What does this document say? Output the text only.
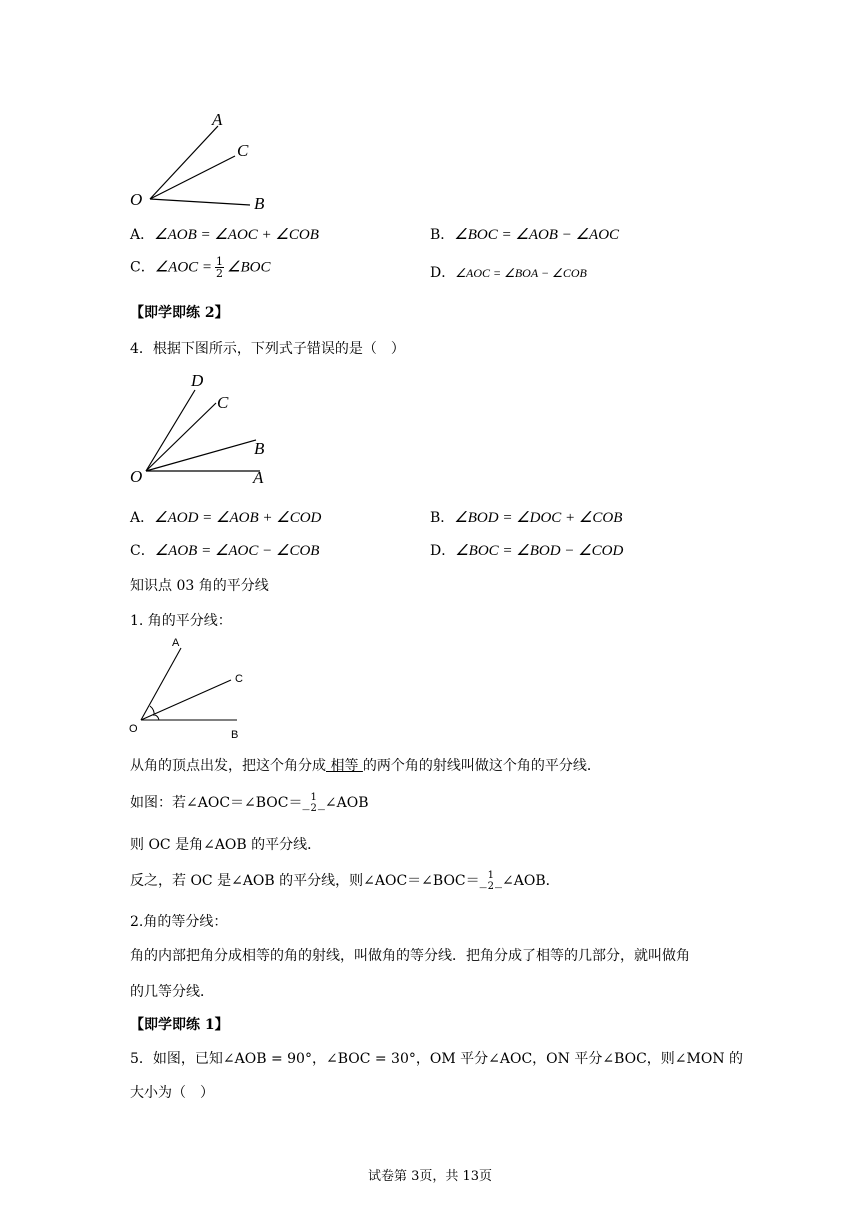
A
C
O	B
A．∠AOB = ∠AOC + ∠COB	B．∠BOC = ∠AOB − ∠AOC
C．∠AOC = $\frac{1}{2}$ ∠BOC	D．∠AOC = ∠BOA − ∠COB
【即学即练 2】
4．根据下图所示，下列式子错误的是（　）
D
C
B
O	A
A．∠AOD = ∠AOB + ∠COD	B．∠BOD = ∠DOC + ∠COB
C．∠AOB = ∠AOC − ∠COB	D．∠BOC = ∠BOD − ∠COD
知识点 03 角的平分线
1. 角的平分线：
A
C
O	B
从角的顶点出发，把这个角分成 相等 的两个角的射线叫做这个角的平分线．
如图：若∠AOC＝∠BOC＝_ 1
2 _∠AOB
则 OC 是角∠AOB 的平分线．
反之，若 OC 是∠AOB 的平分线，则∠AOC＝∠BOC＝_ 1
2 _∠AOB．
2.角的等分线：
角的内部把角分成相等的角的射线，叫做角的等分线．把角分成了相等的几部分，就叫做角
的几等分线．
【即学即练 1】
5．如图，已知∠AOB = 90°，∠BOC = 30°，OM 平分∠AOC，ON 平分∠BOC，则∠MON 的
大小为（　）
试卷第 3页，共 13页
